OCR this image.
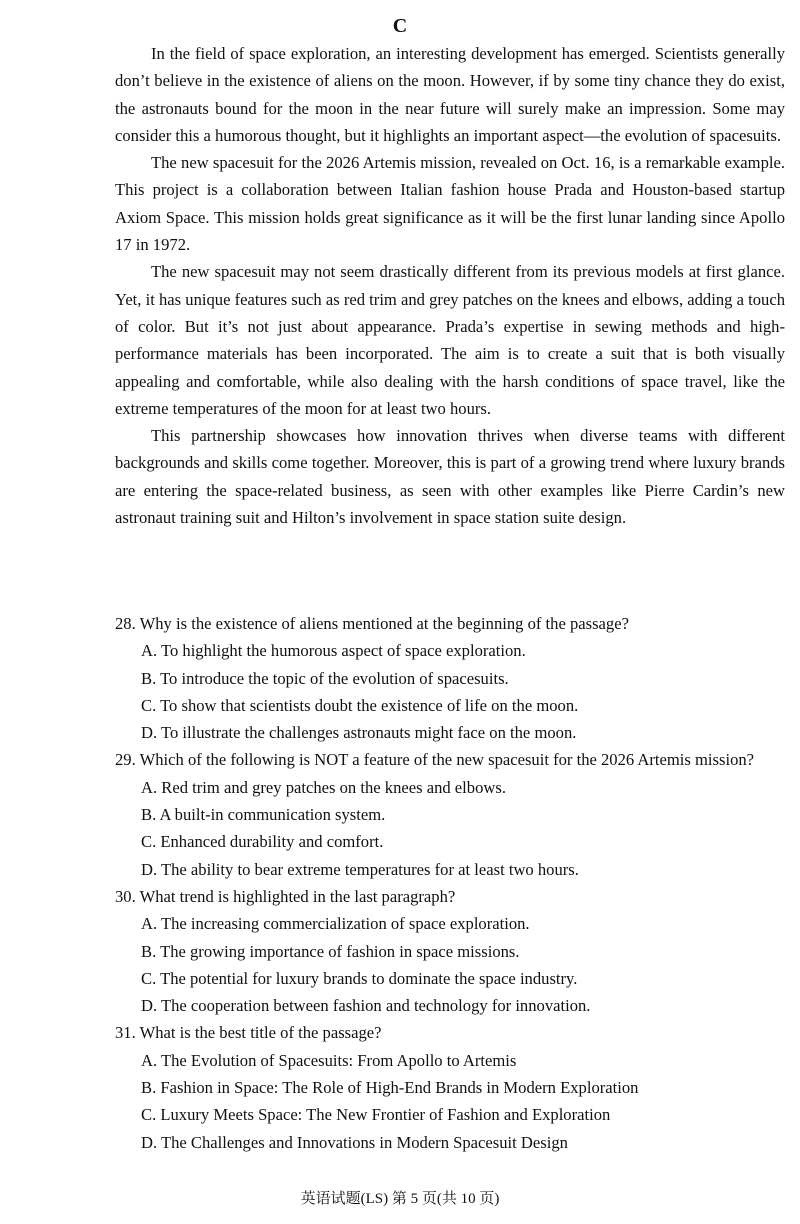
C

In the field of space exploration, an interesting development has emerged. Scientists generally don’t believe in the existence of aliens on the moon. However, if by some tiny chance they do exist, the astronauts bound for the moon in the near future will surely make an impression. Some may consider this a humorous thought, but it highlights an important aspect—the evolution of spacesuits.

The new spacesuit for the 2026 Artemis mission, revealed on Oct. 16, is a remarkable example. This project is a collaboration between Italian fashion house Prada and Houston-based startup Axiom Space. This mission holds great significance as it will be the first lunar landing since Apollo 17 in 1972.

The new spacesuit may not seem drastically different from its previous models at first glance. Yet, it has unique features such as red trim and grey patches on the knees and elbows, adding a touch of color. But it’s not just about appearance. Prada’s expertise in sewing methods and high-performance materials has been incorporated. The aim is to create a suit that is both visually appealing and comfortable, while also dealing with the harsh conditions of space travel, like the extreme temperatures of the moon for at least two hours.

This partnership showcases how innovation thrives when diverse teams with different backgrounds and skills come together. Moreover, this is part of a growing trend where luxury brands are entering the space-related business, as seen with other examples like Pierre Cardin’s new astronaut training suit and Hilton’s involvement in space station suite design.

28. Why is the existence of aliens mentioned at the beginning of the passage?

A. To highlight the humorous aspect of space exploration.

B. To introduce the topic of the evolution of spacesuits.

C. To show that scientists doubt the existence of life on the moon.

D. To illustrate the challenges astronauts might face on the moon.

29. Which of the following is NOT a feature of the new spacesuit for the 2026 Artemis mission?

A. Red trim and grey patches on the knees and elbows.

B. A built-in communication system.

C. Enhanced durability and comfort.

D. The ability to bear extreme temperatures for at least two hours.

30. What trend is highlighted in the last paragraph?

A. The increasing commercialization of space exploration.

B. The growing importance of fashion in space missions.

C. The potential for luxury brands to dominate the space industry.

D. The cooperation between fashion and technology for innovation.

31. What is the best title of the passage?

A. The Evolution of Spacesuits: From Apollo to Artemis

B. Fashion in Space: The Role of High-End Brands in Modern Exploration

C. Luxury Meets Space: The New Frontier of Fashion and Exploration

D. The Challenges and Innovations in Modern Spacesuit Design

英语试题(LS) 第 5 页(共 10 页)
